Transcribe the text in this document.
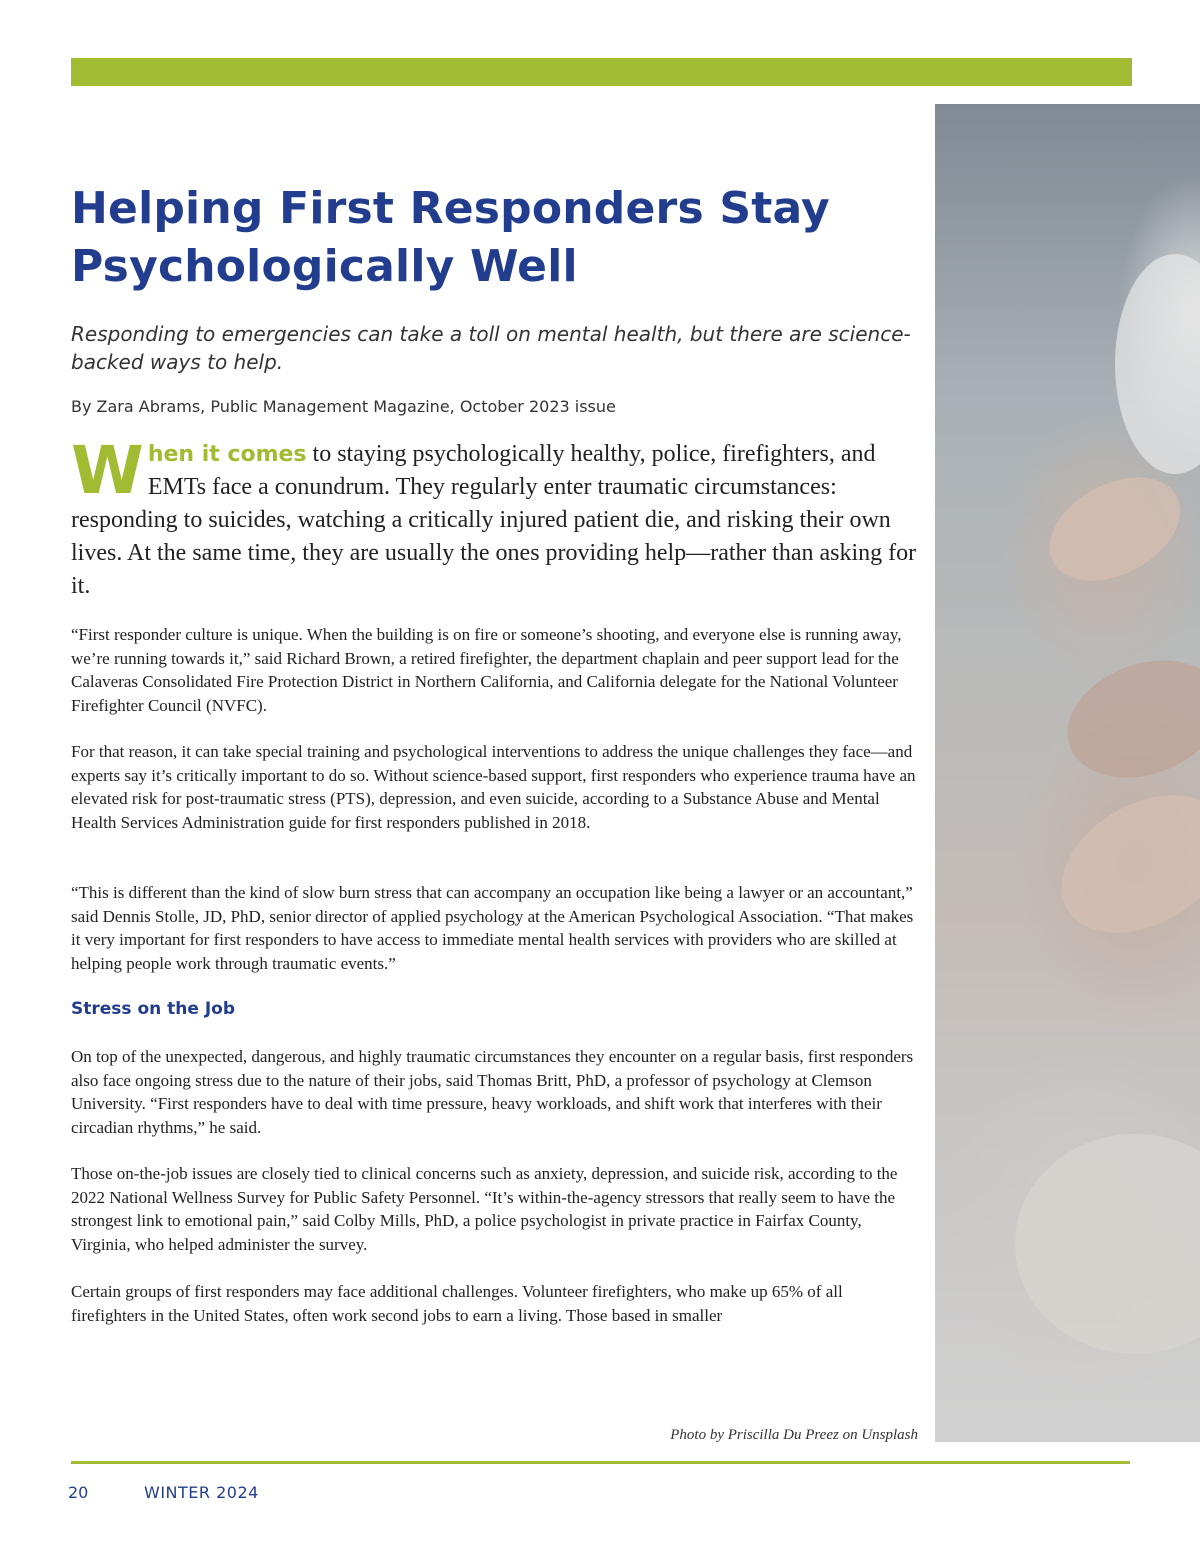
Helping First Responders Stay Psychologically Well

Responding to emergencies can take a toll on mental health, but there are science-backed ways to help.

By Zara Abrams, Public Management Magazine, October 2023 issue

When it comes to staying psychologically healthy, police, firefighters, and EMTs face a conundrum. They regularly enter traumatic circumstances: responding to suicides, watching a critically injured patient die, and risking their own lives. At the same time, they are usually the ones providing help—rather than asking for it.

“First responder culture is unique. When the building is on fire or someone’s shooting, and everyone else is running away, we’re running towards it,” said Richard Brown, a retired firefighter, the department chaplain and peer support lead for the Calaveras Consolidated Fire Protection District in Northern California, and California delegate for the National Volunteer Firefighter Council (NVFC).

For that reason, it can take special training and psychological interventions to address the unique challenges they face—and experts say it’s critically important to do so. Without science-based support, first responders who experience trauma have an elevated risk for post-traumatic stress (PTS), depression, and even suicide, according to a Substance Abuse and Mental Health Services Administration guide for first responders published in 2018.

“This is different than the kind of slow burn stress that can accompany an occupation like being a lawyer or an accountant,” said Dennis Stolle, JD, PhD, senior director of applied psychology at the American Psychological Association. “That makes it very important for first responders to have access to immediate mental health services with providers who are skilled at helping people work through traumatic events.”

Stress on the Job

On top of the unexpected, dangerous, and highly traumatic circumstances they encounter on a regular basis, first responders also face ongoing stress due to the nature of their jobs, said Thomas Britt, PhD, a professor of psychology at Clemson University. “First responders have to deal with time pressure, heavy workloads, and shift work that interferes with their circadian rhythms,” he said.

Those on-the-job issues are closely tied to clinical concerns such as anxiety, depression, and suicide risk, according to the 2022 National Wellness Survey for Public Safety Personnel. “It’s within-the-agency stressors that really seem to have the strongest link to emotional pain,” said Colby Mills, PhD, a police psychologist in private practice in Fairfax County, Virginia, who helped administer the survey.

Certain groups of first responders may face additional challenges. Volunteer firefighters, who make up 65% of all firefighters in the United States, often work second jobs to earn a living. Those based in smaller

Photo by Priscilla Du Preez on Unsplash

20	WINTER 2024
